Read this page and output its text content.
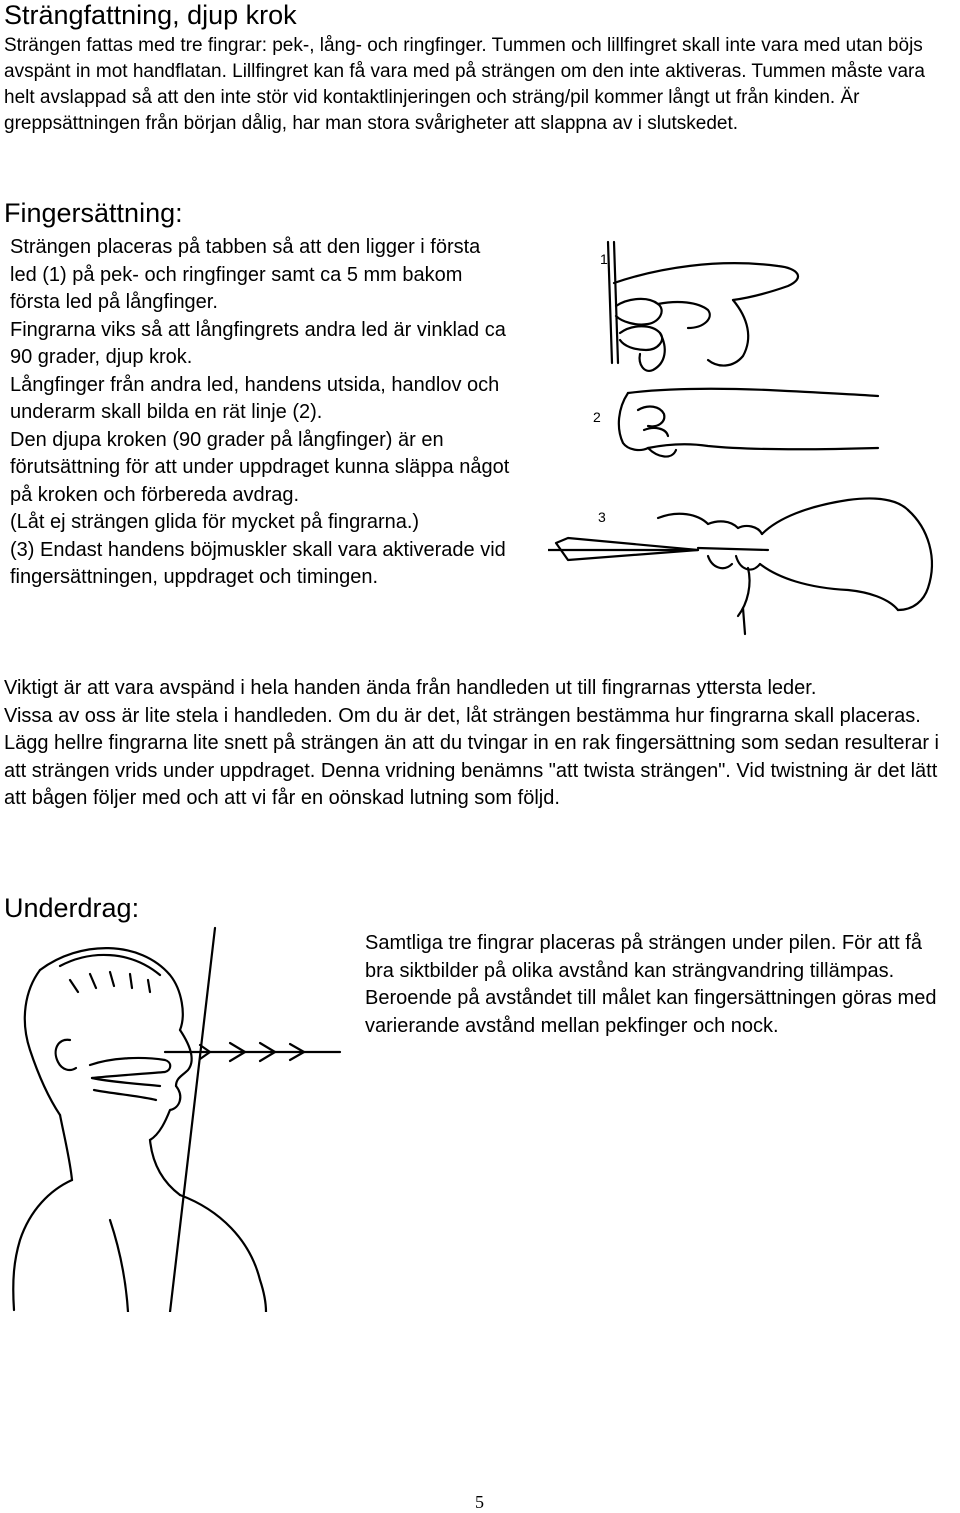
Strängfattning, djup krok

Strängen fattas med tre fingrar: pek-, lång- och ringfinger. Tummen och lillfingret skall inte vara med utan böjs avspänt in mot handflatan. Lillfingret kan få vara med på strängen om den inte aktiveras. Tummen måste vara helt avslappad så att den inte stör vid kontaktlinjeringen och sträng/pil kommer långt ut från kinden. Är greppsättningen från början dålig, har man stora svårigheter att slappna av i slutskedet.

Fingersättning:

Strängen placeras på tabben så att den ligger i första led (1) på pek- och ringfinger samt ca 5 mm bakom första led på långfinger.

Fingrarna viks så att långfingrets andra led är vinklad ca 90 grader, djup krok.

Långfinger från andra led, handens utsida, handlov och underarm skall bilda en rät linje (2).

Den djupa kroken (90 grader på långfinger) är en förutsättning för att under uppdraget kunna släppa något på kroken och förbereda avdrag.

(Låt ej strängen glida för mycket på fingrarna.)

(3) Endast handens böjmuskler skall vara aktiverade vid fingersättningen, uppdraget och timingen.

1
2
3

Viktigt är att vara avspänd i hela handen ända från handleden ut till fingrarnas yttersta leder.

Vissa av oss är lite stela i handleden. Om du är det, låt strängen bestämma hur fingrarna skall placeras. Lägg hellre fingrarna lite snett på strängen än att du tvingar in en rak fingersättning som sedan resulterar i att strängen vrids under uppdraget. Denna vridning benämns "att twista strängen". Vid twistning är det lätt att bågen följer med och att vi får en oönskad lutning som följd.

Underdrag:

Samtliga tre fingrar placeras på strängen under pilen. För att få bra siktbilder på olika avstånd kan strängvandring tillämpas. Beroende på avståndet till målet kan fingersättningen göras med varierande avstånd mellan pekfinger och nock.

5
